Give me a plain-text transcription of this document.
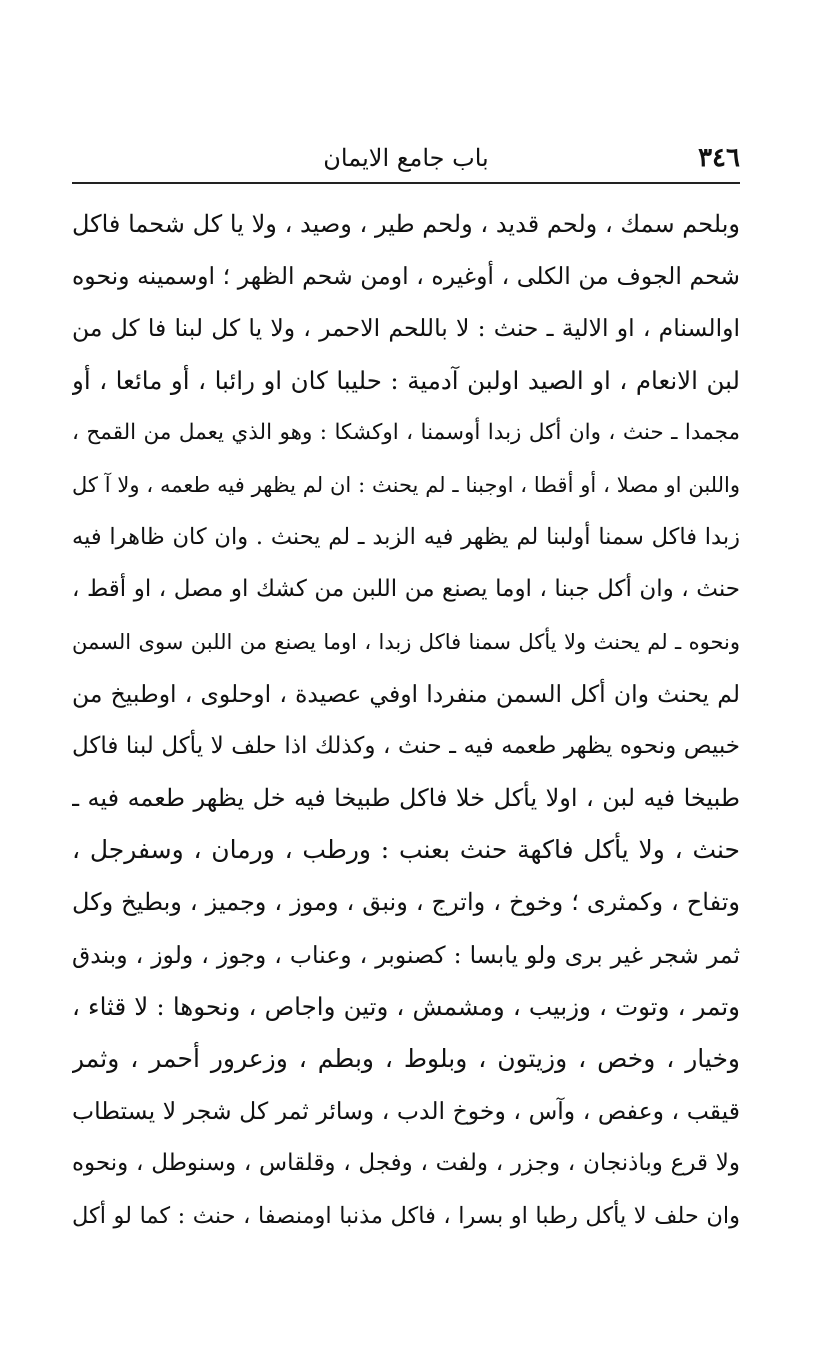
٣٤٦
باب جامع الايمان
وبلحم سمك ، ولحم قديد ، ولحم طير ، وصيد ، ولا يا كل شحما فاكل
شحم الجوف من الكلى ، أوغيره ، اومن شحم الظهر ؛ اوسمينه ونحوه
اوالسنام ، او الالية ـ حنث : لا باللحم الاحمر ، ولا يا كل لبنا فا كل من
لبن الانعام ، او الصيد اولبن آدمية : حليبا كان او رائبا ، أو مائعا ، أو
مجمدا ـ حنث ، وان أكل زبدا أوسمنا ، اوكشكا : وهو الذي يعمل من القمح ،
واللبن او مصلا ، أو أقطا ، اوجبنا ـ لم يحنث : ان لم يظهر فيه طعمه ، ولا آ كل
زبدا فاكل سمنا أولبنا لم يظهر فيه الزبد ـ لم يحنث . وان كان ظاهرا فيه
حنث ، وان أكل جبنا ، اوما يصنع من اللبن من كشك او مصل ، او أقط ،
ونحوه ـ لم يحنث ولا يأكل سمنا فاكل زبدا ، اوما يصنع من اللبن سوى السمن
لم يحنث وان أكل السمن منفردا اوفي عصيدة ، اوحلوى ، اوطبيخ من
خبيص ونحوه يظهر طعمه فيه ـ حنث ، وكذلك اذا حلف لا يأكل لبنا فاكل
طبيخا فيه لبن ، اولا يأكل خلا فاكل طبيخا فيه خل يظهر طعمه فيه ـ
حنث ، ولا يأكل فاكهة حنث بعنب : ورطب ، ورمان ، وسفرجل ،
وتفاح ، وكمثرى ؛ وخوخ ، واترج ، ونبق ، وموز ، وجميز ، وبطيخ وكل
ثمر شجر غير برى ولو يابسا : كصنوبر ، وعناب ، وجوز ، ولوز ، وبندق
وتمر ، وتوت ، وزبيب ، ومشمش ، وتين واجاص ، ونحوها : لا قثاء ،
وخيار ، وخص ، وزيتون ، وبلوط ، وبطم ، وزعرور أحمر ، وثمر
قيقب ، وعفص ، وآس ، وخوخ الدب ، وسائر ثمر كل شجر لا يستطاب
ولا قرع وباذنجان ، وجزر ، ولفت ، وفجل ، وقلقاس ، وسنوطل ، ونحوه
وان حلف لا يأكل رطبا او بسرا ، فاكل مذنبا اومنصفا ، حنث : كما لو أكل
